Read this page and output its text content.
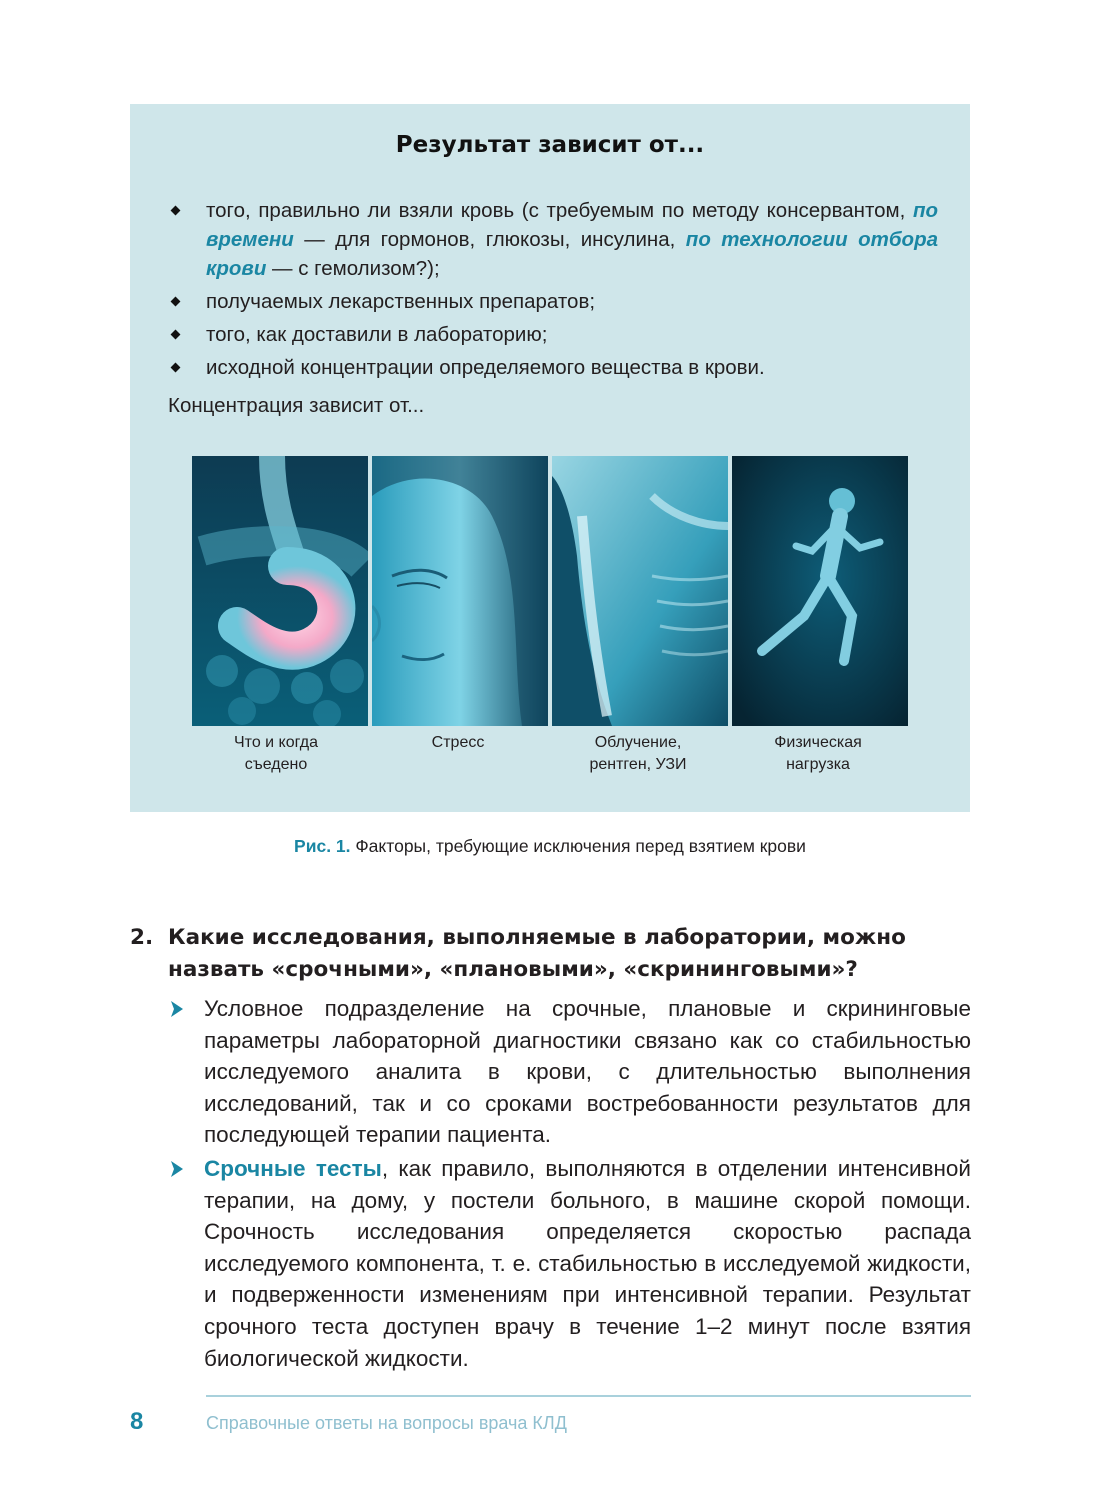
Результат зависит от...
того, правильно ли взяли кровь (с требуемым по методу консервантом, по времени — для гормонов, глюкозы, инсулина, по технологии отбора крови — с гемолизом?);
получаемых лекарственных препаратов;
того, как доставили в лабораторию;
исходной концентрации определяемого вещества в крови.
Концентрация зависит от...
Что и когда
съедено
Стресс	Облучение,
рентген, УЗИ
Физическая
нагрузка
Рис. 1. Факторы, требующие исключения перед взятием крови
2. Какие исследования, выполняемые в лаборатории, можно назвать «срочными», «плановыми», «скрининговыми»?
Условное подразделение на срочные, плановые и скрининговые параметры лабораторной диагностики связано как со стабильностью исследуемого аналита в крови, с длительностью выполнения исследований, так и со сроками востребованности результатов для последующей терапии пациента.
Срочные тесты, как правило, выполняются в отделении интенсивной терапии, на дому, у постели больного, в машине скорой помощи. Срочность исследования определяется скоростью распада исследуемого компонента, т. е. стабильностью в исследуемой жидкости, и подверженности изменениям при интенсивной терапии. Результат срочного теста доступен врачу в течение 1–2 минут после взятия биологической жидкости.
8	Справочные ответы на вопросы врача КЛД
